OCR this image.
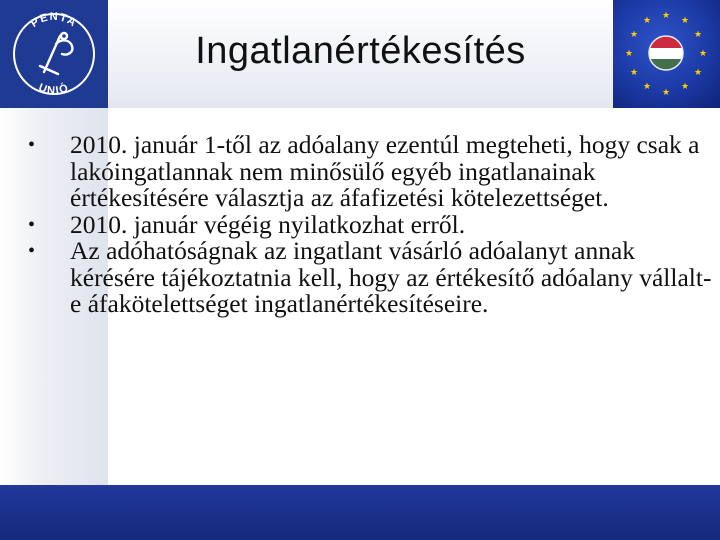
PENTA
UNIÓ
Ingatlanértékesítés
★ ★
★
★
★
★
★
★
★
★
★
★

• 2010. január 1-től az adóalany ezentúl megteheti, hogy csak a lakóingatlannak nem minősülő egyéb ingatlanainak értékesítésére választja az áfafizetési kötelezettséget.

• 2010. január végéig nyilatkozhat erről.

• Az adóhatóságnak az ingatlant vásárló adóalanyt annak kérésére tájékoztatnia kell, hogy az értékesítő adóalany vállalt-e áfakötelettséget ingatlanértékesítéseire.
